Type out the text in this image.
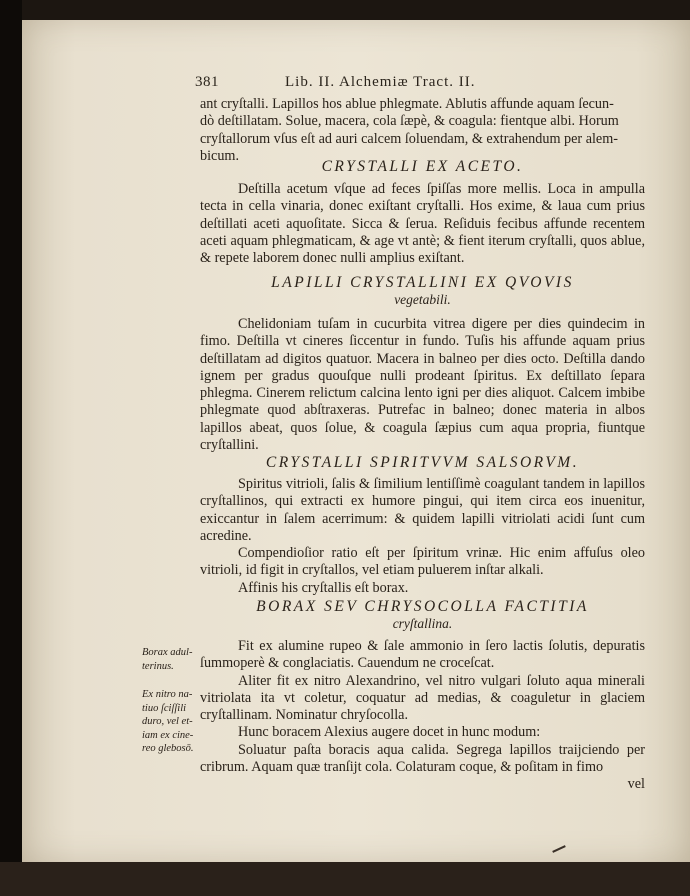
381	Lib. II. Alchemiæ Tract. II.

ant cryſtalli. Lapillos hos ablue phlegmate. Ablutis affunde aquam ſecun-

dò deſtillatam. Solue, macera, cola ſæpè, & coagula: fientque albi. Horum

cryſtallorum vſus eſt ad auri calcem ſoluendam, & extrahendum per alem-

bicum.

CRYSTALLI EX ACETO.

Deſtilla acetum vſque ad feces ſpiſſas more mellis. Loca in ampulla tecta in cella vinaria, donec exiſtant cryſtalli. Hos exime, & laua cum prius deſtillati aceti aquoſitate. Sicca & ſerua. Reſiduis fecibus affunde recentem aceti aquam phlegmaticam, & age vt antè; & fient iterum cryſtalli, quos ablue, & repete laborem donec nulli amplius exiſtant.

LAPILLI CRYSTALLINI EX QVOVIS
vegetabili.

Chelidoniam tuſam in cucurbita vitrea digere per dies quindecim in fimo. Deſtilla vt cineres ſiccentur in fundo. Tuſis his affunde aquam prius deſtillatam ad digitos quatuor. Macera in balneo per dies octo. Deſtilla dando ignem per gradus quouſque nulli prodeant ſpiritus. Ex deſtillato ſepara phlegma. Cinerem relictum calcina lento igni per dies aliquot. Calcem imbibe phlegmate quod abſtraxeras. Putrefac in balneo; donec materia in albos lapillos abeat, quos ſolue, & coagula ſæpius cum aqua propria, fiuntque cryſtallini.

CRYSTALLI SPIRITVVM SALSORVM.

Spiritus vitrioli, ſalis & ſimilium lentiſſimè coagulant tandem in lapillos cryſtallinos, qui extracti ex humore pingui, qui item circa eos inuenitur, exiccantur in ſalem acerrimum: & quidem lapilli vitriolati acidi ſunt cum acredine.

Compendioſior ratio eſt per ſpiritum vrinæ. Hic enim affuſus oleo vitrioli, id figit in cryſtallos, vel etiam puluerem inſtar alkali.

Affinis his cryſtallis eſt borax.

BORAX SEV CHRYSOCOLLA FACTITIA
cryſtallina.

Fit ex alumine rupeo & ſale ammonio in ſero lactis ſolutis, depuratis ſummoperè & conglaciatis. Cauendum ne croceſcat.

Aliter fit ex nitro Alexandrino, vel nitro vulgari ſoluto aqua minerali vitriolata ita vt coletur, coquatur ad medias, & coaguletur in glaciem cryſtallinam. Nominatur chryſocolla.

Hunc boracem Alexius augere docet in hunc modum:

Soluatur paſta boracis aqua calida. Segrega lapillos traijciendo per cribrum. Aquam quæ tranſijt cola. Colaturam coque, & poſitam in fimo

vel

Borax adul-
terinus.
Ex nitro na-
tiuo ſciſſili
duro, vel et-
iam ex cine-
reo glebosō.
